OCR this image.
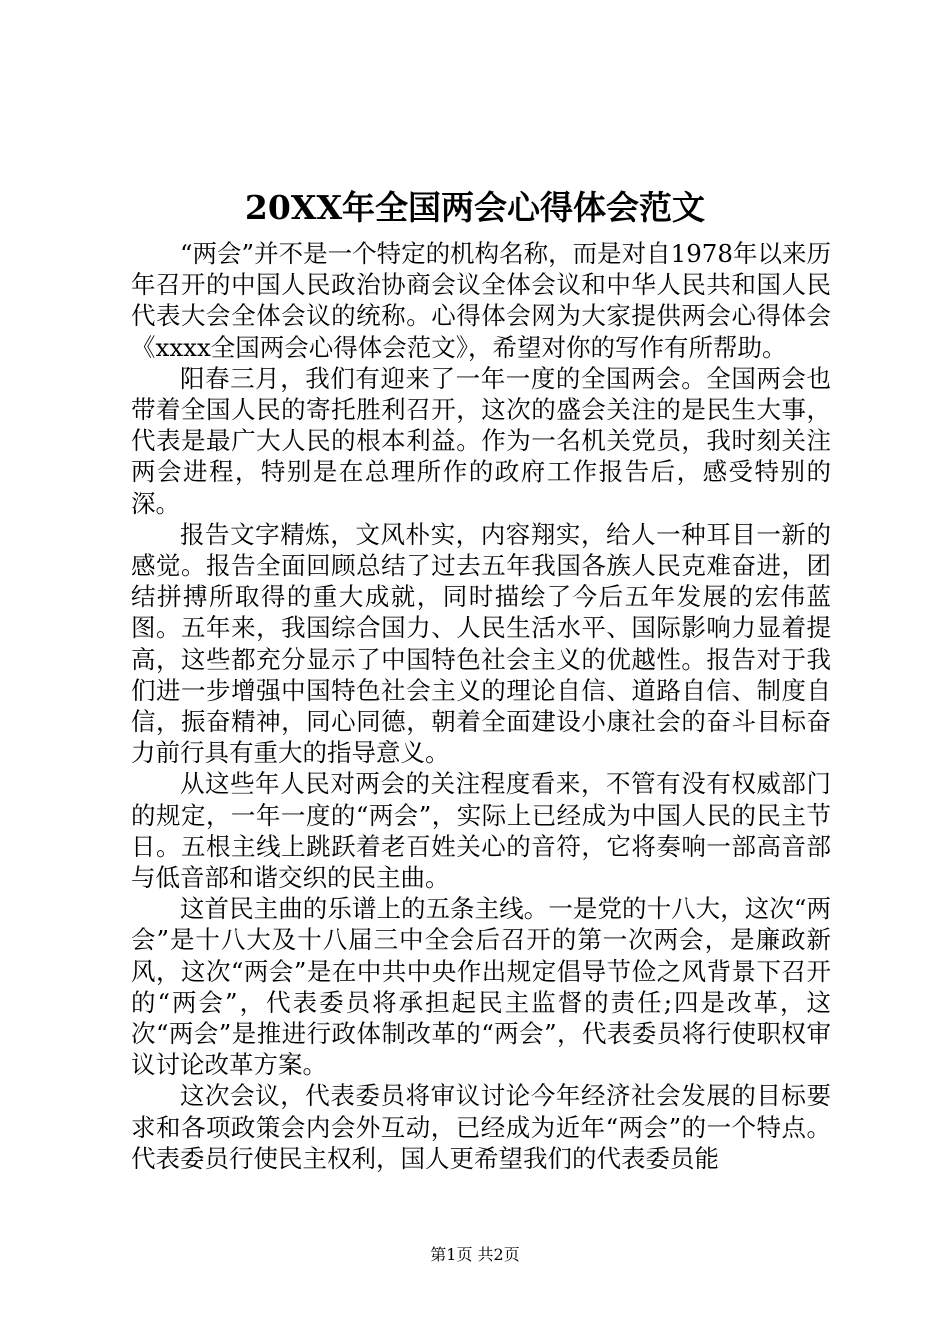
20XX年全国两会心得体会范文

“两会”并不是一个特定的机构名称，而是对自1978年以来历年召开的中国人民政治协商会议全体会议和中华人民共和国人民代表大会全体会议的统称。心得体会网为大家提供两会心得体会《xxxx全国两会心得体会范文》，希望对你的写作有所帮助。

阳春三月，我们有迎来了一年一度的全国两会。全国两会也带着全国人民的寄托胜利召开，这次的盛会关注的是民生大事，代表是最广大人民的根本利益。作为一名机关党员，我时刻关注两会进程，特别是在总理所作的政府工作报告后，感受特别的深。

报告文字精炼，文风朴实，内容翔实，给人一种耳目一新的感觉。报告全面回顾总结了过去五年我国各族人民克难奋进，团结拼搏所取得的重大成就，同时描绘了今后五年发展的宏伟蓝图。五年来，我国综合国力、人民生活水平、国际影响力显着提高，这些都充分显示了中国特色社会主义的优越性。报告对于我们进一步增强中国特色社会主义的理论自信、道路自信、制度自信，振奋精神，同心同德，朝着全面建设小康社会的奋斗目标奋力前行具有重大的指导意义。

从这些年人民对两会的关注程度看来，不管有没有权威部门的规定，一年一度的“两会”，实际上已经成为中国人民的民主节日。五根主线上跳跃着老百姓关心的音符，它将奏响一部高音部与低音部和谐交织的民主曲。

这首民主曲的乐谱上的五条主线。一是党的十八大，这次“两会”是十八大及十八届三中全会后召开的第一次两会，是廉政新风，这次“两会”是在中共中央作出规定倡导节俭之风背景下召开的“两会”，代表委员将承担起民主监督的责任;四是改革，这次“两会”是推进行政体制改革的“两会”，代表委员将行使职权审议讨论改革方案。

这次会议，代表委员将审议讨论今年经济社会发展的目标要求和各项政策会内会外互动，已经成为近年“两会”的一个特点。代表委员行使民主权利，国人更希望我们的代表委员能

第1页 共2页
